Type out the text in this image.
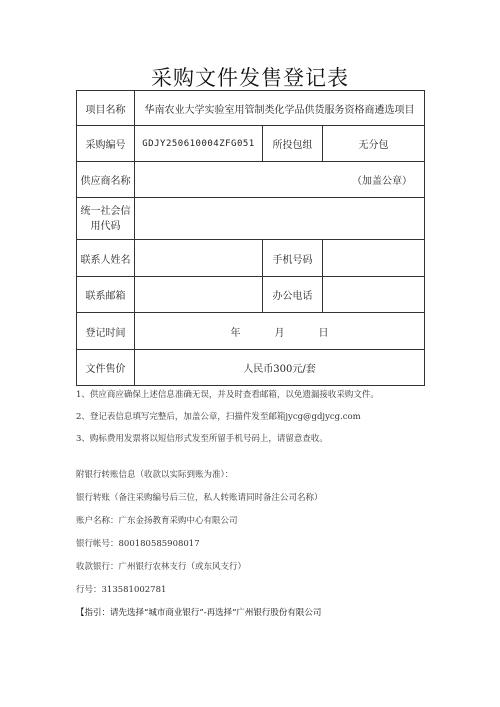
采购文件发售登记表
项目名称	华南农业大学实验室用管制类化学品供货服务资格商遴选项目		
采购编号	GDJY250610004ZFG051	所投包组	无分包
供应商名称	（加盖公章）		
统一社会信用代码			
联系人姓名		手机号码	
联系邮箱		办公电话	
登记时间	年 月 日		
文件售价	人民币300元/套		

1、供应商应确保上述信息准确无误，并及时查看邮箱，以免遗漏接收采购文件。

2、登记表信息填写完整后，加盖公章，扫描件发至邮箱jycg@gdjycg.com

3、购标费用发票将以短信形式发至所留手机号码上，请留意查收。

附银行转账信息（收款以实际到账为准）：

银行转账（备注采购编号后三位，私人转账请同时备注公司名称）

账户名称：广东金扬教育采购中心有限公司

银行帐号：800180585908017

收款银行：广州银行农林支行（或东风支行）

行号：313581002781

【指引：请先选择“城市商业银行”-再选择“广州银行股份有限公司
